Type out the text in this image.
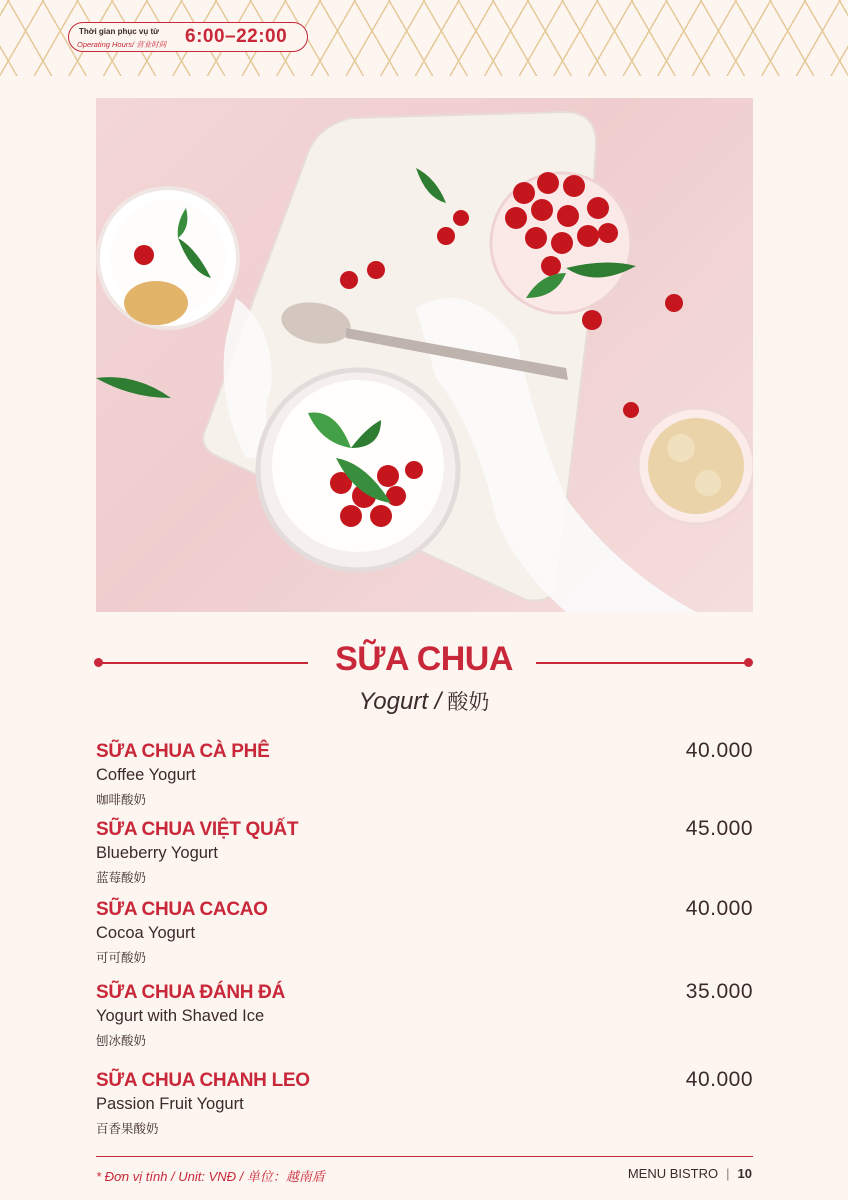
Thời gian phục vụ từ
Operating Hours/ 营业时间 6:00–22:00
SỮA CHUA
Yogurt / 酸奶
SỮA CHUA CÀ PHÊ
Coffee Yogurt
咖啡酸奶
40.000
SỮA CHUA VIỆT QUẤT
Blueberry Yogurt
蓝莓酸奶
45.000
SỮA CHUA CACAO
Cocoa Yogurt
可可酸奶
40.000
SỮA CHUA ĐÁNH ĐÁ
Yogurt with Shaved Ice
刨冰酸奶
35.000
SỮA CHUA CHANH LEO
Passion Fruit Yogurt
百香果酸奶
40.000
* Đơn vị tính / Unit: VNĐ / 单位：越南盾	MENU BISTRO | 10
